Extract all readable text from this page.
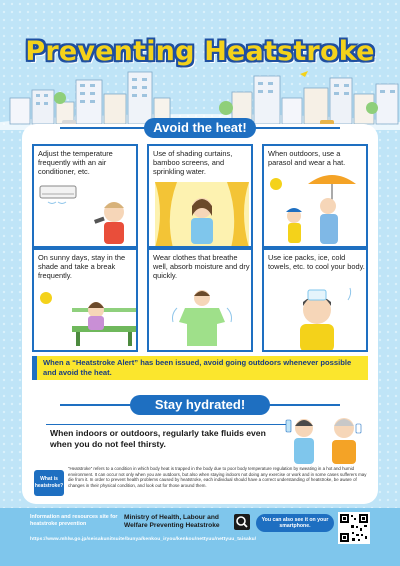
Preventing Heatstroke
Avoid the heat!
Adjust the temperature frequently with an air conditioner, etc.
Use of shading curtains, bamboo screens, and sprinkling water.
When outdoors, use a parasol and wear a hat.
On sunny days, stay in the shade and take a break frequently.
Wear clothes that breathe well, absorb moisture and dry quickly.
Use ice packs, ice, cold towels, etc. to cool your body.
When a “Heatstroke Alert” has been issued, avoid going outdoors whenever possible and avoid the heat.
Stay hydrated!
When indoors or outdoors, regularly take fluids even when you do not feel thirsty.
What is heatstroke?
“Heatstroke” refers to a condition in which body heat is trapped in the body due to poor body temperature regulation by sweating in a hot and humid environment. It can occur not only when you are outdoors, but also when staying indoors not doing any exercise or work and in some cases sufferers may die from it. In order to prevent health problems caused by heatstroke, each individual should have a correct understanding of heatstroke, be aware of changes in their physical condition, and look out for those around them.
Information and resources site for heatstroke prevention
Ministry of Health, Labour and Welfare Preventing Heatstroke
You can also see it on your smartphone.
https://www.mhlw.go.jp/seisakunitsuite/bunya/kenkou_iryou/kenkou/nettyuu/nettyuu_taisaku/
